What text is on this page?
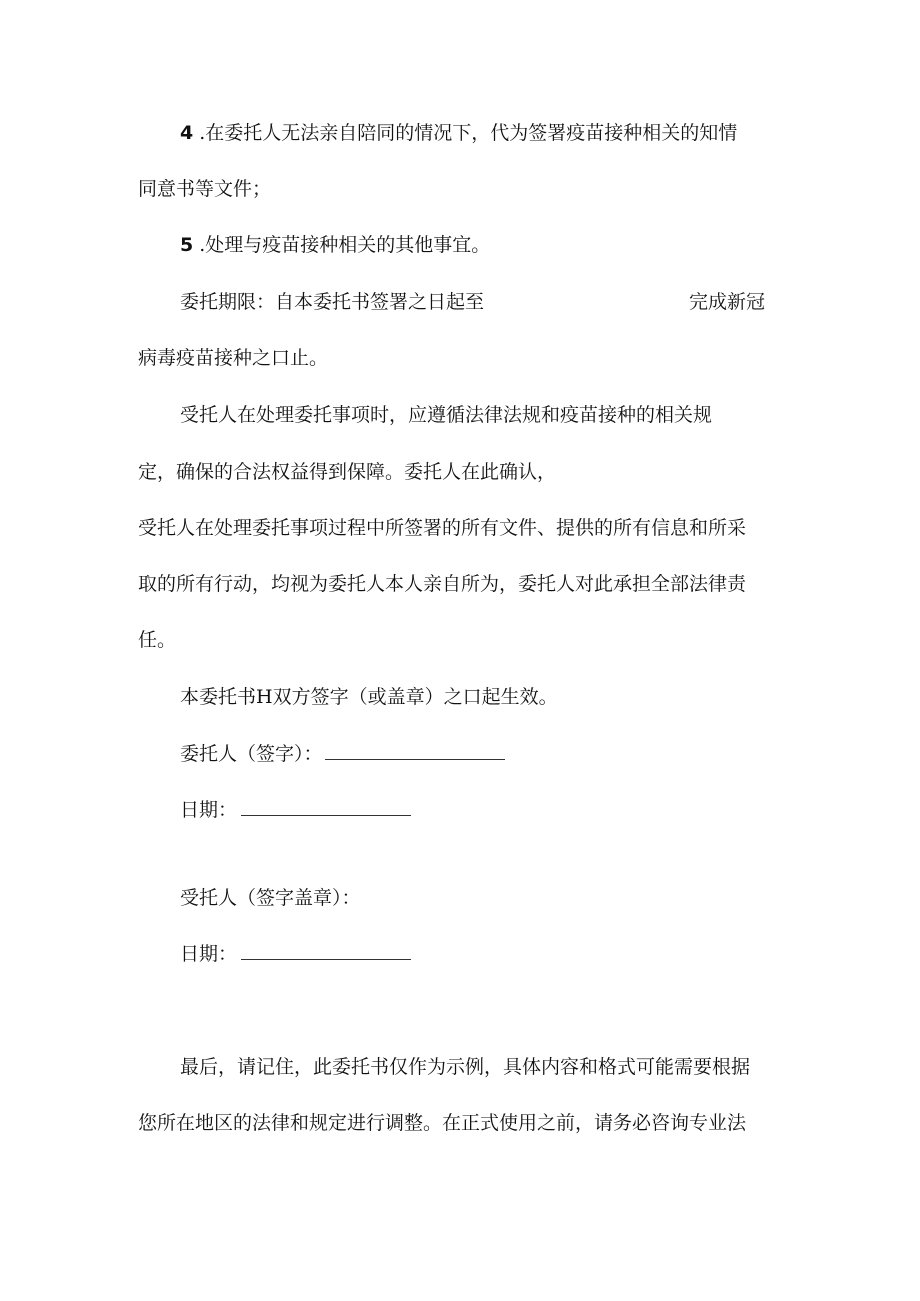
4 .在委托人无法亲自陪同的情况下，代为签署疫苗接种相关的知情
同意书等文件；
5 .处理与疫苗接种相关的其他事宜。
委托期限：自本委托书签署之日起至	完成新冠
病毒疫苗接种之口止。
受托人在处理委托事项时，应遵循法律法规和疫苗接种的相关规
定，确保的合法权益得到保障。委托人在此确认，
受托人在处理委托事项过程中所签署的所有文件、提供的所有信息和所采
取的所有行动，均视为委托人本人亲自所为，委托人对此承担全部法律责
任。
本委托书H双方签字（或盖章）之口起生效。
委托人（签字）：
日期：
受托人（签字盖章）：
日期：
最后，请记住，此委托书仅作为示例，具体内容和格式可能需要根据
您所在地区的法律和规定进行调整。在正式使用之前，请务必咨询专业法
